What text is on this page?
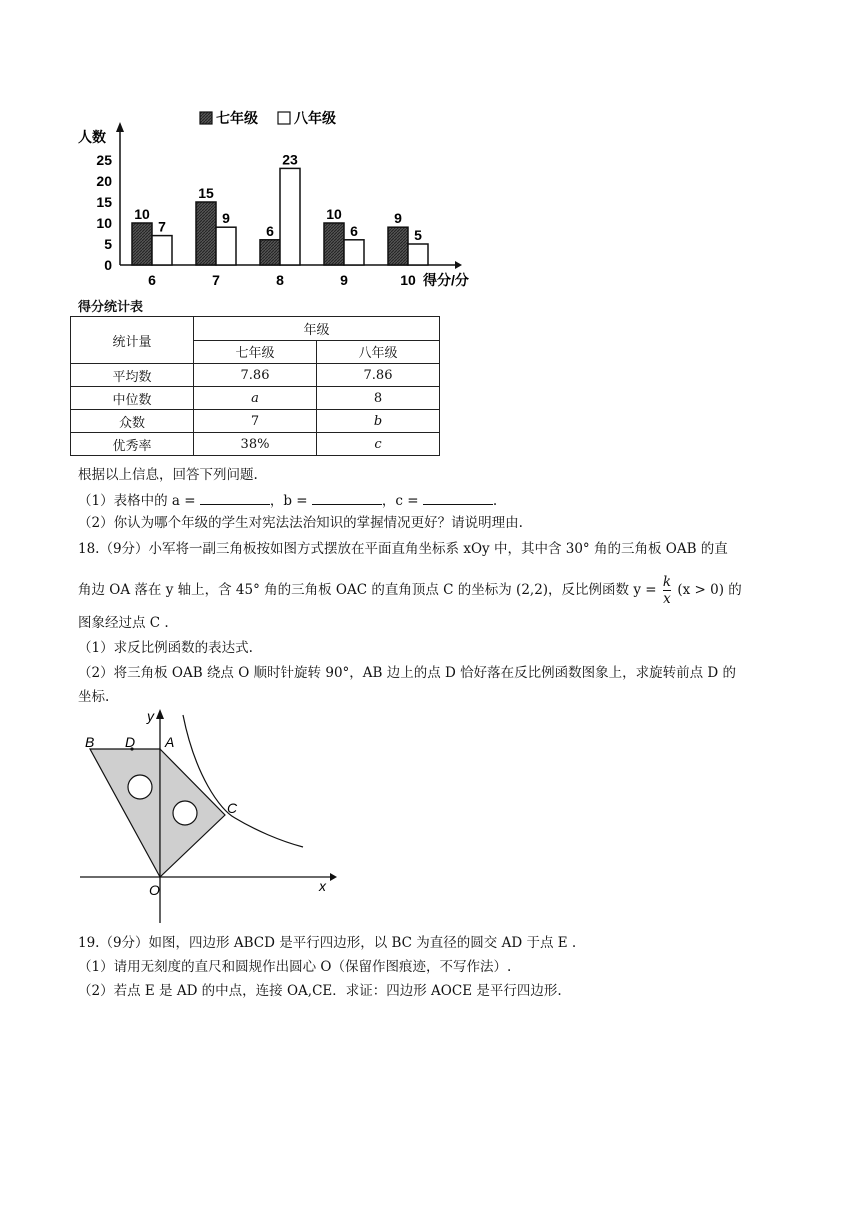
人数
0
5
10
15
20
25
七年级	八年级
10
7
6
15
9
7
6
23
8
10
6
9
9
5
10 得分/分
得分统计表
统计量	年级	
	七年级	八年级
平均数	7.86	7.86
中位数	a	8
众数	7	b
优秀率	38%	c
根据以上信息，回答下列问题.
（1）表格中的 a =	，b =	，c =	.
（2）你认为哪个年级的学生对宪法法治知识的掌握情况更好？请说明理由.
18.（9分）小军将一副三角板按如图方式摆放在平面直角坐标系 xOy 中，其中含 30° 角的三角板 OAB 的直
角边 OA 落在 y 轴上，含 45° 角的三角板 OAC 的直角顶点 C 的坐标为 (2,2)，反比例函数 $y = \frac{k}{x} (x > 0)$ 的
图象经过点 C .
（1）求反比例函数的表达式.
（2）将三角板 OAB 绕点 O 顺时针旋转 90°，AB 边上的点 D 恰好落在反比例函数图象上，求旋转前点 D 的
坐标.
B D A
C
O	x
y
19.（9分）如图，四边形 ABCD 是平行四边形，以 BC 为直径的圆交 AD 于点 E .
（1）请用无刻度的直尺和圆规作出圆心 O（保留作图痕迹，不写作法）.
（2）若点 E 是 AD 的中点，连接 OA,CE．求证：四边形 AOCE 是平行四边形.
